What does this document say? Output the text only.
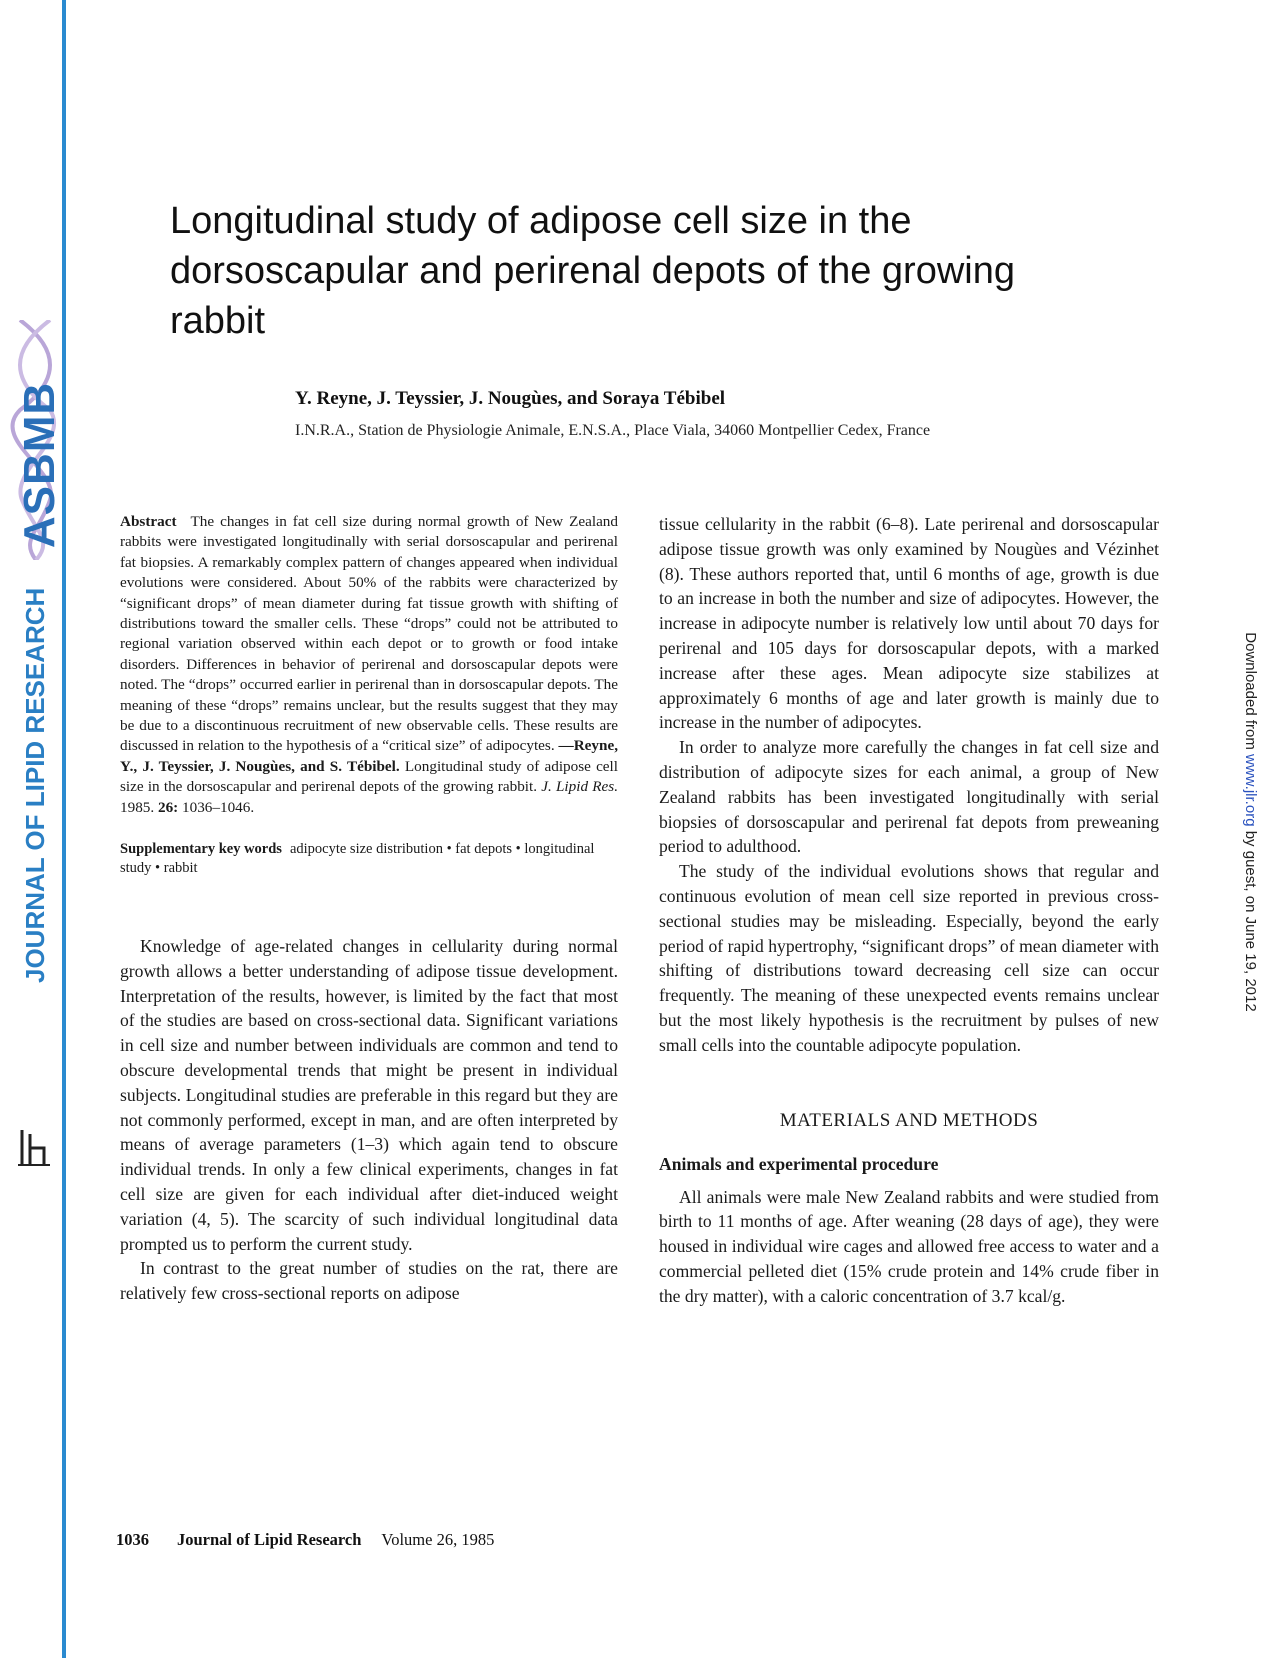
ASBMB
JOURNAL OF LIPID RESEARCH	Downloaded from www.jlr.org by guest, on June 19, 2012
Longitudinal study of adipose cell size in the dorsoscapular and perirenal depots of the growing rabbit
Y. Reyne, J. Teyssier, J. Nougùes, and Soraya Tébibel
I.N.R.A., Station de Physiologie Animale, E.N.S.A., Place Viala, 34060 Montpellier Cedex, France

Abstract The changes in fat cell size during normal growth of New Zealand rabbits were investigated longitudinally with serial dorsoscapular and perirenal fat biopsies. A remarkably complex pattern of changes appeared when individual evolutions were considered. About 50% of the rabbits were characterized by “significant drops” of mean diameter during fat tissue growth with shifting of distributions toward the smaller cells. These “drops” could not be attributed to regional variation observed within each depot or to growth or food intake disorders. Differences in behavior of perirenal and dorsoscapular depots were noted. The “drops” occurred earlier in perirenal than in dorsoscapular depots. The meaning of these “drops” remains unclear, but the results suggest that they may be due to a discontinuous recruitment of new observable cells. These results are discussed in relation to the hypothesis of a “critical size” of adipocytes. —Reyne, Y., J. Teyssier, J. Nougùes, and S. Tébibel. Longitudinal study of adipose cell size in the dorsoscapular and perirenal depots of the growing rabbit. J. Lipid Res. 1985. 26: 1036–1046.

Supplementary key words adipocyte size distribution • fat depots • longitudinal study • rabbit

Knowledge of age-related changes in cellularity during normal growth allows a better understanding of adipose tissue development. Interpretation of the results, however, is limited by the fact that most of the studies are based on cross-sectional data. Significant variations in cell size and number between individuals are common and tend to obscure developmental trends that might be present in individual subjects. Longitudinal studies are preferable in this regard but they are not commonly performed, except in man, and are often interpreted by means of average parameters (1–3) which again tend to obscure individual trends. In only a few clinical experiments, changes in fat cell size are given for each individual after diet-induced weight variation (4, 5). The scarcity of such individual longitudinal data prompted us to perform the current study.

In contrast to the great number of studies on the rat, there are relatively few cross-sectional reports on adipose

tissue cellularity in the rabbit (6–8). Late perirenal and dorsoscapular adipose tissue growth was only examined by Nougùes and Vézinhet (8). These authors reported that, until 6 months of age, growth is due to an increase in both the number and size of adipocytes. However, the increase in adipocyte number is relatively low until about 70 days for perirenal and 105 days for dorsoscapular depots, with a marked increase after these ages. Mean adipocyte size stabilizes at approximately 6 months of age and later growth is mainly due to increase in the number of adipocytes.

In order to analyze more carefully the changes in fat cell size and distribution of adipocyte sizes for each animal, a group of New Zealand rabbits has been investigated longitudinally with serial biopsies of dorsoscapular and perirenal fat depots from preweaning period to adulthood.

The study of the individual evolutions shows that regular and continuous evolution of mean cell size reported in previous cross-sectional studies may be misleading. Especially, beyond the early period of rapid hypertrophy, “significant drops” of mean diameter with shifting of distributions toward decreasing cell size can occur frequently. The meaning of these unexpected events remains unclear but the most likely hypothesis is the recruitment by pulses of new small cells into the countable adipocyte population.

MATERIALS AND METHODS
Animals and experimental procedure

All animals were male New Zealand rabbits and were studied from birth to 11 months of age. After weaning (28 days of age), they were housed in individual wire cages and allowed free access to water and a commercial pelleted diet (15% crude protein and 14% crude fiber in the dry matter), with a caloric concentration of 3.7 kcal/g.

1036 Journal of Lipid Research Volume 26, 1985
